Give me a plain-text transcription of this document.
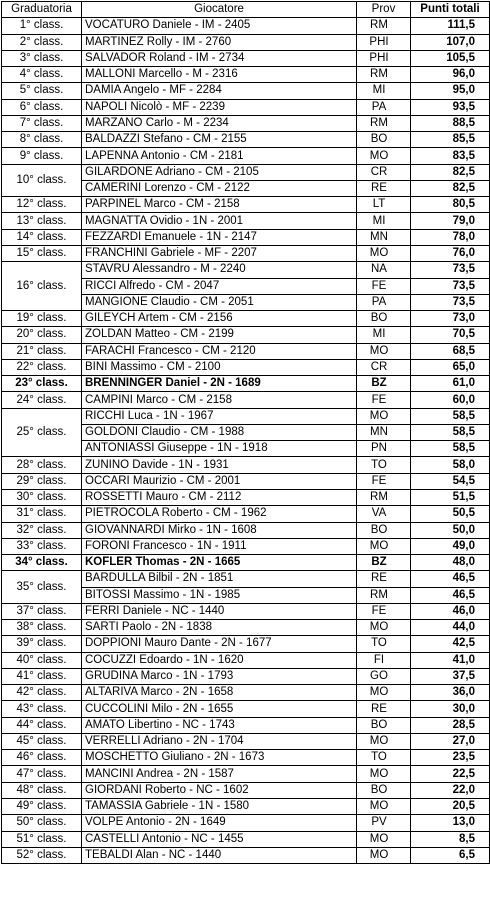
Graduatoria	Giocatore	Prov	Punti totali
1° class.	VOCATURO Daniele - IM - 2405	RM	111,5
2° class.	MARTINEZ Rolly - IM - 2760	PHI	107,0
3° class.	SALVADOR Roland - IM - 2734	PHI	105,5
4° class.	MALLONI Marcello - M - 2316	RM	96,0
5° class.	DAMIA Angelo - MF - 2284	MI	95,0
6° class.	NAPOLI Nicolò - MF - 2239	PA	93,5
7° class.	MARZANO Carlo - M - 2234	RM	88,5
8° class.	BALDAZZI Stefano - CM - 2155	BO	85,5
9° class.	LAPENNA Antonio - CM - 2181	MO	83,5
10° class.	GILARDONE Adriano - CM - 2105	CR	82,5
	CAMERINI Lorenzo - CM - 2122	RE	82,5
12° class.	PARPINEL Marco - CM - 2158	LT	80,5
13° class.	MAGNATTA Ovidio - 1N - 2001	MI	79,0
14° class.	FEZZARDI Emanuele - 1N - 2147	MN	78,0
15° class.	FRANCHINI Gabriele - MF - 2207	MO	76,0
16° class.	STAVRU Alessandro - M - 2240	NA	73,5
	RICCI Alfredo - CM - 2047	FE	73,5
	MANGIONE Claudio - CM - 2051	PA	73,5
19° class.	GILEYCH Artem - CM - 2156	BO	73,0
20° class.	ZOLDAN Matteo - CM - 2199	MI	70,5
21° class.	FARACHI Francesco - CM - 2120	MO	68,5
22° class.	BINI Massimo - CM - 2100	CR	65,0
23° class.	BRENNINGER Daniel - 2N - 1689	BZ	61,0
24° class.	CAMPINI Marco - CM - 2158	FE	60,0
25° class.	RICCHI Luca - 1N - 1967	MO	58,5
	GOLDONI Claudio - CM - 1988	MN	58,5
	ANTONIASSI Giuseppe - 1N - 1918	PN	58,5
28° class.	ZUNINO Davide - 1N - 1931	TO	58,0
29° class.	OCCARI Maurizio - CM - 2001	FE	54,5
30° class.	ROSSETTI Mauro - CM - 2112	RM	51,5
31° class.	PIETROCOLA Roberto - CM - 1962	VA	50,5
32° class.	GIOVANNARDI Mirko - 1N - 1608	BO	50,0
33° class.	FORONI Francesco - 1N - 1911	MO	49,0
34° class.	KOFLER Thomas - 2N - 1665	BZ	48,0
35° class.	BARDULLA Bilbil - 2N - 1851	RE	46,5
	BITOSSI Massimo - 1N - 1985	RM	46,5
37° class.	FERRI Daniele - NC - 1440	FE	46,0
38° class.	SARTI Paolo - 2N - 1838	MO	44,0
39° class.	DOPPIONI Mauro Dante - 2N - 1677	TO	42,5
40° class.	COCUZZI Edoardo - 1N - 1620	FI	41,0
41° class.	GRUDINA Marco - 1N - 1793	GO	37,5
42° class.	ALTARIVA Marco - 2N - 1658	MO	36,0
43° class.	CUCCOLINI Milo - 2N - 1655	RE	30,0
44° class.	AMATO Libertino - NC - 1743	BO	28,5
45° class.	VERRELLI Adriano - 2N - 1704	MO	27,0
46° class.	MOSCHETTO Giuliano - 2N - 1673	TO	23,5
47° class.	MANCINI Andrea - 2N - 1587	MO	22,5
48° class.	GIORDANI Roberto - NC - 1602	BO	22,0
49° class.	TAMASSIA Gabriele - 1N - 1580	MO	20,5
50° class.	VOLPE Antonio - 2N - 1649	PV	13,0
51° class.	CASTELLI Antonio - NC - 1455	MO	8,5
52° class.	TEBALDI Alan - NC - 1440	MO	6,5
